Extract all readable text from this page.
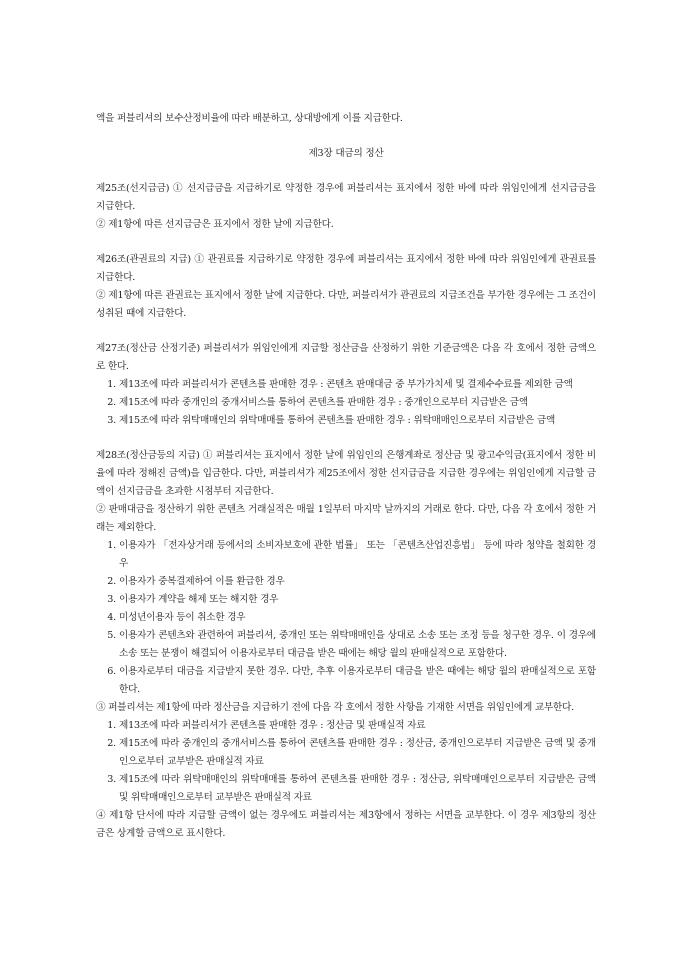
액을 퍼블리셔의 보수산정비율에 따라 배분하고, 상대방에게 이를 지급한다.

제3장 대금의 정산

제25조(선지급금) ① 선지급금을 지급하기로 약정한 경우에 퍼블리셔는 표지에서 정한 바에 따라 위임인에게 선지급금을 지급한다.

② 제1항에 따른 선지급금은 표지에서 정한 날에 지급한다.

제26조(관권료의 지급) ① 관권료를 지급하기로 약정한 경우에 퍼블리셔는 표지에서 정한 바에 따라 위임인에게 관권료를 지급한다.

② 제1항에 따른 관권료는 표지에서 정한 날에 지급한다. 다만, 퍼블리셔가 관권료의 지급조건을 부가한 경우에는 그 조건이 성취된 때에 지급한다.

제27조(정산금 산정기준) 퍼블리셔가 위임인에게 지급할 정산금을 산정하기 위한 기준금액은 다음 각 호에서 정한 금액으로 한다.

1. 제13조에 따라 퍼블리셔가 콘텐츠를 판매한 경우 : 콘텐츠 판매대금 중 부가가치세 및 결제수수료를 제외한 금액
2. 제15조에 따라 중개인의 중개서비스를 통하여 콘텐츠를 판매한 경우 : 중개인으로부터 지급받은 금액
3. 제15조에 따라 위탁매매인의 위탁매매를 통하여 콘텐츠를 판매한 경우 : 위탁매매인으로부터 지급받은 금액

제28조(정산금등의 지급) ① 퍼블리셔는 표지에서 정한 날에 위임인의 은행계좌로 정산금 및 광고수익금(표지에서 정한 비율에 따라 정해진 금액)을 입금한다. 다만, 퍼블리셔가 제25조에서 정한 선지급금을 지급한 경우에는 위임인에게 지급할 금액이 선지급금을 초과한 시점부터 지급한다.

② 판매대금을 정산하기 위한 콘텐츠 거래실적은 매월 1일부터 마지막 날까지의 거래로 한다. 다만, 다음 각 호에서 정한 거래는 제외한다.

1. 이용자가 「전자상거래 등에서의 소비자보호에 관한 법률」 또는 「콘텐츠산업진흥법」 등에 따라 청약을 철회한 경우
2. 이용자가 중복결제하여 이를 환급한 경우
3. 이용자가 계약을 해제 또는 해지한 경우
4. 미성년이용자 등이 취소한 경우
5. 이용자가 콘텐츠와 관련하여 퍼블리셔, 중개인 또는 위탁매매인을 상대로 소송 또는 조정 등을 청구한 경우. 이 경우에 소송 또는 분쟁이 해결되어 이용자로부터 대금을 받은 때에는 해당 월의 판매실적으로 포함한다.
6. 이용자로부터 대금을 지급받지 못한 경우. 다만, 추후 이용자로부터 대금을 받은 때에는 해당 월의 판매실적으로 포함한다.

③ 퍼블리셔는 제1항에 따라 정산금을 지급하기 전에 다음 각 호에서 정한 사항을 기재한 서면을 위임인에게 교부한다.

1. 제13조에 따라 퍼블리셔가 콘텐츠를 판매한 경우 : 정산금 및 판매실적 자료
2. 제15조에 따라 중개인의 중개서비스를 통하여 콘텐츠를 판매한 경우 : 정산금, 중개인으로부터 지급받은 금액 및 중개인으로부터 교부받은 판매실적 자료
3. 제15조에 따라 위탁매매인의 위탁매매를 통하여 콘텐츠를 판매한 경우 : 정산금, 위탁매매인으로부터 지급받은 금액 및 위탁매매인으로부터 교부받은 판매실적 자료

④ 제1항 단서에 따라 지급할 금액이 없는 경우에도 퍼블리셔는 제3항에서 정하는 서면을 교부한다. 이 경우 제3항의 정산금은 상계할 금액으로 표시한다.
